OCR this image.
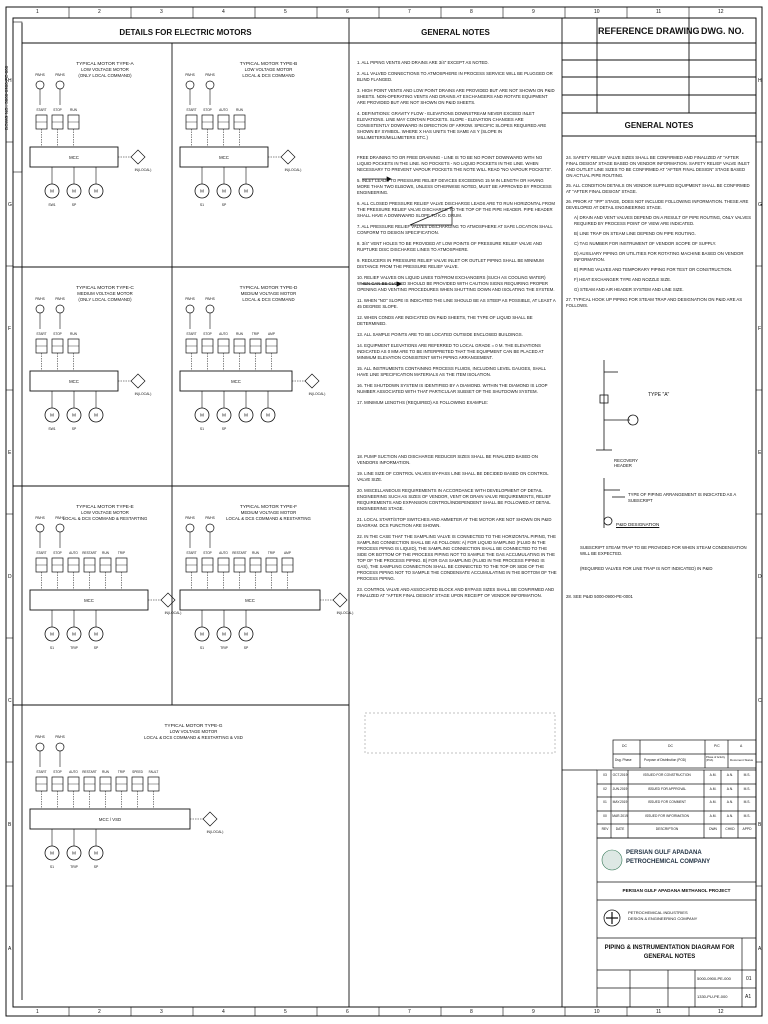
1	2	3	4	5	6	7	8	9	10	11	12
1	2	3	4	5	6	7	8	9	10	11	12
H
G
F
E
D
C
B
A
H
G
F
E
D
C
B
A
DOWG NO.: 5000-0900-PE-000
DETAILS FOR ELECTRIC MOTORS	GENERAL NOTES	REFERENCE DRAWING DWG. NO.
GENERAL NOTES
TYPICAL MOTOR TYPE-A
LOW VOLTAGE MOTOR
(ONLY LOCAL COMMAND)
PB/HS	PB/HS
START STOP	RUN
MCC
IN(LOCAL)
M
SW1
M
SP
M
TYPICAL MOTOR TYPE-B
LOW VOLTAGE MOTOR
LOCAL & DCS COMMAND
PB/HS	PB/HS
START STOP AUTO	RUN
MCC
IN(LOCAL)
M
S1
M
SP
M
TYPICAL MOTOR TYPE-C
MEDIUM VOLTAGE MOTOR
(ONLY LOCAL COMMAND)
PB/HS	PB/HS
START STOP	RUN
MCC
IN(LOCAL)
M
SW1
M
SP
M
TYPICAL MOTOR TYPE-D
MEDIUM VOLTAGE MOTOR
LOCAL & DCS COMMAND
PB/HS	PB/HS
START STOP AUTO	RUN	TRIP	AMP
MCC
IN(LOCAL)
M
S1
M
SP
M	M
TYPICAL MOTOR TYPE-E
LOW VOLTAGE MOTOR
LOCAL & DCS COMMAND & RESTARTING
PB/HS	PB/HS
START STOP AUTO RESTART RUN	TRIP
MCC
IN(LOCAL)
M
S1
M
TRIP
M
SP
TYPICAL MOTOR TYPE-F
MEDIUM VOLTAGE MOTOR
LOCAL & DCS COMMAND & RESTARTING
PB/HS	PB/HS
START STOP AUTO RESTART RUN	TRIP	AMP
MCC
IN(LOCAL)
M
S1
M
TRIP
M
SP
TYPICAL MOTOR TYPE-G
LOW VOLTAGE MOTOR
LOCAL & DCS COMMAND & RESTARTING & VSD
PB/HS	PB/HS
START STOP AUTO RESTART RUN	TRIP SPEED FAULT
MCC / VSD
IN(LOCAL)
M
S1
M
TRIP
M
SP

1. ALL PIPING VENTS AND DRAINS ARE 3/4" EXCEPT AS NOTED.

2. ALL VALVED CONNECTIONS TO ATMOSPHERE IN PROCESS SERVICE WILL BE PLUGGED OR BLIND FLANGED.

3. HIGH POINT VENTS AND LOW POINT DRAINS ARE PROVIDED BUT ARE NOT SHOWN ON P&ID SHEETS. NON-OPERATING VENTS AND DRAINS AT EXCHANGERS AND ROTATE EQUIPMENT ARE PROVIDED BUT ARE NOT SHOWN ON P&ID SHEETS.

4. DEFINITIONS: GRAVITY FLOW - ELEVATIONS DOWNSTREAM NEVER EXCEED INLET ELEVATIONS. LINE MAY CONTAIN POCKETS. SLOPE - ELEVATION CHANGES ARE CONSISTENTLY DOWNWARD IN DIRECTION OF ARROW. SPECIFIC SLOPES REQUIRED ARE SHOWN BY SYMBOL. WHERE X HAS UNITS THE SAME AS Y (SLOPE IN MILLIMETERS/MILLIMETERS ETC.)

FREE DRAINING TO OR FREE DRAINING - LINE IS TO BE NO POINT DOWNWARD WITH NO LIQUID POCKETS IN THE LINE. NO POCKETS - NO LIQUID POCKETS IN THE LINE. WHEN NECESSARY TO PREVENT VAPOUR POCKETS THE NOTE WILL READ "NO VAPOUR POCKETS".

5. INLET LEADS TO PRESSURE RELIEF DEVICES EXCEEDING 15 M IN LENGTH OR HAVING MORE THAN TWO ELBOWS, UNLESS OTHERWISE NOTED, MUST BE APPROVED BY PROCESS ENGINEERING.

6. ALL CLOSED PRESSURE RELIEF VALVE DISCHARGE LEADS ARE TO RUN HORIZONTAL FROM THE PRESSURE RELIEF VALVE DISCHARGE TO THE TOP OF THE PIPE HEADER. PIPE HEADER SHALL HAVE A DOWNWARD SLOPE TO K.O. DRUM.

7. ALL PRESSURE RELIEF VALVES DISCHARGING TO ATMOSPHERE AT SAFE LOCATION SHALL CONFORM TO DESIGN SPECIFICATION.

8. 3/4" VENT HOLES TO BE PROVIDED AT LOW POINTS OF PRESSURE RELIEF VALVE AND RUPTURE DISC DISCHARGE LINES TO ATMOSPHERE.

9. REDUCERS IN PRESSURE RELIEF VALVE INLET OR OUTLET PIPING SHALL BE MINIMUM DISTANCE FROM THE PRESSURE RELIEF VALVE.

10. RELIEF VALVES ON LIQUID LINES TO/FROM EXCHANGERS (SUCH AS COOLING WATER) WHEN CAN BE CLOSED SHOULD BE PROVIDED WITH CAUTION SIGNS REQUIRING PROPER OPENING AND VENTING PROCEDURES WHEN SHUTTING DOWN AND ISOLATING THE SYSTEM.

11. WHEN "NO" SLOPE IS INDICATED THE LINE SHOULD BE AS STEEP AS POSSIBLE, AT LEAST A 45 DEGREE SLOPE.

12. WHEN CONDS ARE INDICATED ON P&ID SHEETS, THE TYPE OF LIQUID SHALL BE DETERMINED.

13. ALL SAMPLE POINTS ARE TO BE LOCATED OUTSIDE ENCLOSED BUILDINGS.

14. EQUIPMENT ELEVATIONS ARE REFERRED TO LOCAL GRADE = 0 M. THE ELEVATIONS INDICATED AS 0 MM ARE TO BE INTERPRETED THAT THE EQUIPMENT CAN BE PLACED AT MINIMUM ELEVATION CONSISTENT WITH PIPING ARRANGEMENT.

15. ALL INSTRUMENTS CONTAINING PROCESS FLUIDS, INCLUDING LEVEL GAUGES, SHALL HAVE LINE SPECIFICATION MATERIALS AS THE ITEM ISOLATION.

16. THE SHUTDOWN SYSTEM IS IDENTIFIED BY A DIAMOND. WITHIN THE DIAMOND IS LOOP NUMBER ASSOCIATED WITH THAT PARTICULAR SUBSET OF THE SHUTDOWN SYSTEM.

17. MINIMUM LENGTHS (REQUIRED) AS FOLLOWING EXAMPLE:

18. PUMP SUCTION AND DISCHARGE REDUCER SIZES SHALL BE FINALIZED BASED ON VENDORS INFORMATION.

19. LINE SIZE OF CONTROL VALVES BY-PASS LINE SHALL BE DECIDED BASED ON CONTROL VALVE SIZE.

20. MISCELLANEOUS REQUIREMENTS IN ACCORDANCE WITH DEVELOPMENT OF DETAIL ENGINEERING SUCH AS SIZES OF VENDOR, VENT OR DRAIN VALVE REQUIREMENTS, RELIEF REQUIREMENTS AND EXPANSION CONTROL/INDEPENDENT SHALL BE FOLLOWED AT DETAIL ENGINEERING STAGE.

21. LOCAL START/STOP SWITCHES AND AMMETER AT THE MOTOR ARE NOT SHOWN ON P&ID DIAGRAM. DCS FUNCTION ARE SHOWN.

22. IN THE CASE THAT THE SAMPLING VALVE IS CONNECTED TO THE HORIZONTAL PIPING, THE SAMPLING CONNECTION SHALL BE AS FOLLOWS: A) FOR LIQUID SAMPLING (FLUID IN THE PROCESS PIPING IS LIQUID), THE SAMPLING CONNECTION SHALL BE CONNECTED TO THE SIDE OR BOTTOM OF THE PROCESS PIPING NOT TO SAMPLE THE GAS ACCUMULATING IN THE TOP OF THE PROCESS PIPING. B) FOR GAS SAMPLING (FLUID IN THE PROCESS PIPING IS GAS), THE SAMPLING CONNECTION SHALL BE CONNECTED TO THE TOP OR SIDE OF THE PROCESS PIPING NOT TO SAMPLE THE CONDENSATE ACCUMULATING IN THE BOTTOM OF THE PROCESS PIPING.

23. CONTROL VALVE AND ASSOCIATED BLOCK AND BYPASS SIZES SHALL BE CONFIRMED AND FINALIZED AT "AFTER FINAL DESIGN" STAGE UPON RECEIPT OF VENDOR INFORMATION.

24. SAFETY RELIEF VALVE SIZES SHALL BE CONFIRMED AND FINALIZED AT "AFTER FINAL DESIGN" STAGE BASED ON VENDOR INFORMATION. SAFETY RELIEF VALVE INLET AND OUTLET LINE SIZES TO BE CONFIRMED AT "AFTER FINAL DESIGN" STAGE BASED ON ACTUAL PIPE ROUTING.

25. ALL CONDITION DETAILS ON VENDOR SUPPLIED EQUIPMENT SHALL BE CONFIRMED AT "AFTER FINAL DESIGN" STAGE.

26. PRIOR AT "IFP" STAGE, DOES NOT INCLUDE FOLLOWING INFORMATION. THESE ARE DEVELOPED AT DETAIL ENGINEERING STAGE.

A) DRAIN AND VENT VALVES DEPEND ON A RESULT OF PIPE ROUTING, ONLY VALVES REQUIRED BY PROCESS POINT OF VIEW ARE INDICATED.

B) LINE TRAP ON STEAM LINE DEPEND ON PIPE ROUTING.

C) TAG NUMBER FOR INSTRUMENT OF VENDOR SCOPE OF SUPPLY.

D) AUXILIARY PIPING OR UTILITIES FOR ROTATING MACHINE BASED ON VENDOR INFORMATION.

E) PIPING VALVES AND TEMPORARY PIPING FOR TEST OR CONSTRUCTION.

F) HEAT EXCHANGER TYPE AND NOZZLE SIZE.

G) STEAM AND AIR HEADER SYSTEM AND LINE SIZE.

27. TYPICAL HOOK UP PIPING FOR STEAM TRAP AND DESIGNATION ON P&ID ARE AS FOLLOWS.

TYPE "A"
RECOVERY HEADER
TYPE OF PIPING ARRANGEMENT IS INDICATED AS A SUBSCRIPT
P&ID DESIGNATION
SUBSCRIPT STEAM TRAP TO BE PROVIDED FOR WHEN STEAM CONDENSATION WILL BE EXPECTED.
(REQUIRED VALVES FOR LINE TRAP IS NOT INDICATED) IN P&ID
28. SEE P&ID 5000-0900-PE-0001
DC	DC	P/C	A
Dsg. Phase	Purpose of Distribution (POD)
Phase of Activity (POA)	Document Status
03	OCT.2019	ISSUED FOR CONSTRUCTION	A.M.	A.N.	M.S.
02	JUN.2019	ISSUED FOR APPROVAL	A.M.	A.N.	M.S.
01	MAY.2019	ISSUED FOR COMMENT	A.M.	A.N.	M.S.
00	MAR.2019	ISSUED FOR INFORMATION	A.M.	A.N.	M.S.
REV	DATE	DESCRIPTION	DWN	CHKD	APPD
PERSIAN GULF APADANA
PETROCHEMICAL COMPANY
PERSIAN GULF APADANA METHANOL PROJECT
PETROCHEMICAL INDUSTRIES
DESIGN & ENGINEERING COMPANY
PIPING & INSTRUMENTATION DIAGRAM FOR
GENERAL NOTES
5000-0900-PE-000
1330-PU-PE-000
01
A1
